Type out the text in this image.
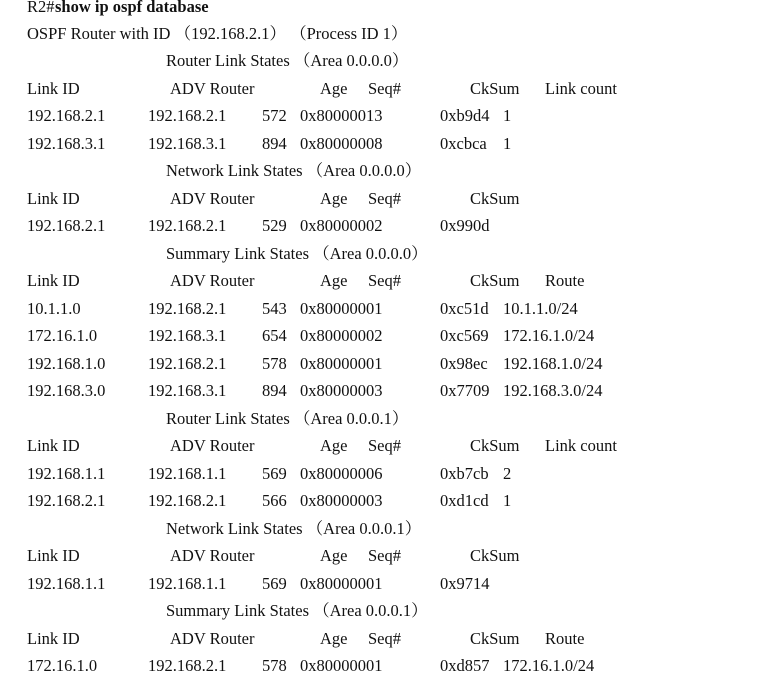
R2# show ip ospf database
OSPF Router with ID （192.168.2.1） （Process ID 1）
Router Link States （Area 0.0.0.0）
Link ID	ADV Router	Age Seq#	CkSum Link count
192.168.2.1	192.168.2.1 572 0x80000013	0xb9d4 1
192.168.3.1	192.168.3.1 894 0x80000008	0xcbca 1
Network Link States （Area 0.0.0.0）
Link ID	ADV Router	Age Seq#	CkSum
192.168.2.1	192.168.2.1 529 0x80000002	0x990d
Summary Link States （Area 0.0.0.0）
Link ID	ADV Router	Age Seq#	CkSum Route
10.1.1.0	192.168.2.1 543 0x80000001	0xc51d 10.1.1.0/24
172.16.1.0	192.168.3.1 654 0x80000002	0xc569 172.16.1.0/24
192.168.1.0	192.168.2.1 578 0x80000001	0x98ec 192.168.1.0/24
192.168.3.0	192.168.3.1 894 0x80000003	0x7709 192.168.3.0/24
Router Link States （Area 0.0.0.1）
Link ID	ADV Router	Age Seq#	CkSum Link count
192.168.1.1	192.168.1.1 569 0x80000006	0xb7cb 2
192.168.2.1	192.168.2.1 566 0x80000003	0xd1cd 1
Network Link States （Area 0.0.0.1）
Link ID	ADV Router	Age Seq#	CkSum
192.168.1.1	192.168.1.1 569 0x80000001	0x9714
Summary Link States （Area 0.0.0.1）
Link ID	ADV Router	Age Seq#	CkSum Route
172.16.1.0	192.168.2.1 578 0x80000001	0xd857 172.16.1.0/24
